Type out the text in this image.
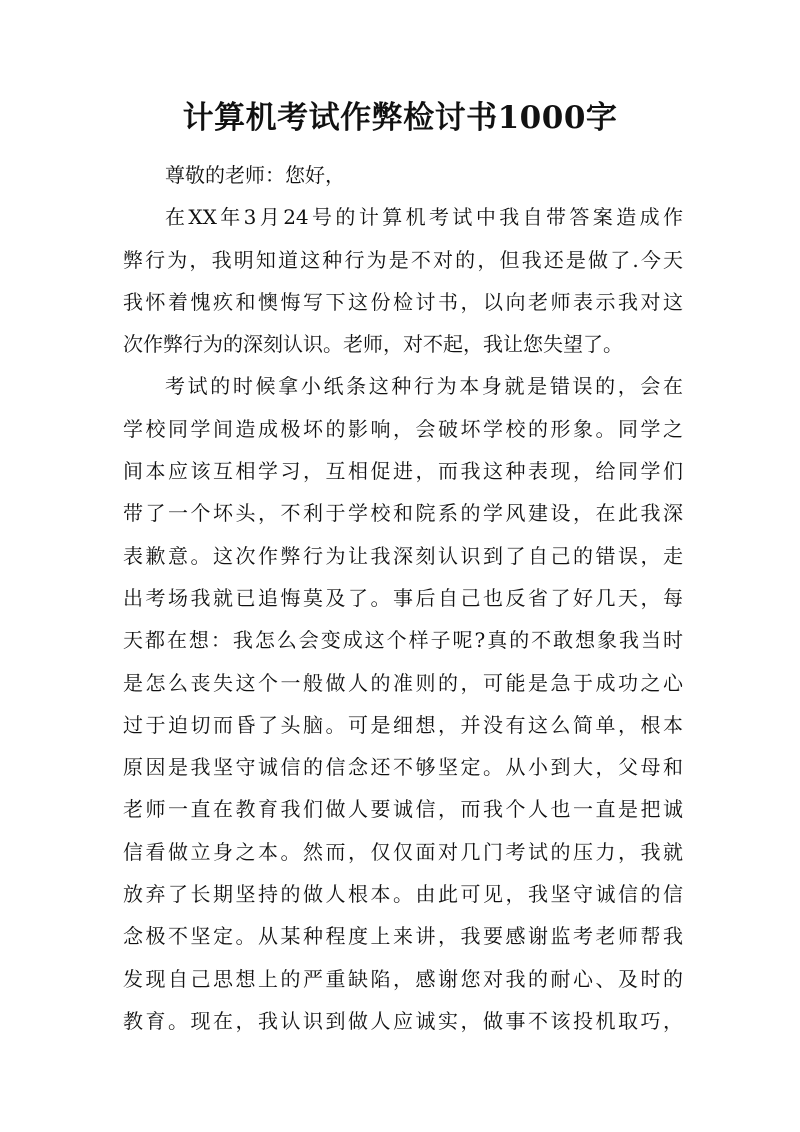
计算机考试作弊检讨书1000字
尊敬的老师：您好，
在XX年3月24号的计算机考试中我自带答案造成作
弊行为，我明知道这种行为是不对的，但我还是做了.今天
我怀着愧疚和懊悔写下这份检讨书，以向老师表示我对这
次作弊行为的深刻认识。老师，对不起，我让您失望了。
考试的时候拿小纸条这种行为本身就是错误的，会在
学校同学间造成极坏的影响，会破坏学校的形象。同学之
间本应该互相学习，互相促进，而我这种表现，给同学们
带了一个坏头，不利于学校和院系的学风建设，在此我深
表歉意。这次作弊行为让我深刻认识到了自己的错误，走
出考场我就已追悔莫及了。事后自己也反省了好几天，每
天都在想：我怎么会变成这个样子呢?真的不敢想象我当时
是怎么丧失这个一般做人的准则的，可能是急于成功之心
过于迫切而昏了头脑。可是细想，并没有这么简单，根本
原因是我坚守诚信的信念还不够坚定。从小到大，父母和
老师一直在教育我们做人要诚信，而我个人也一直是把诚
信看做立身之本。然而，仅仅面对几门考试的压力，我就
放弃了长期坚持的做人根本。由此可见，我坚守诚信的信
念极不坚定。从某种程度上来讲，我要感谢监考老师帮我
发现自己思想上的严重缺陷，感谢您对我的耐心、及时的
教育。现在，我认识到做人应诚实，做事不该投机取巧，
